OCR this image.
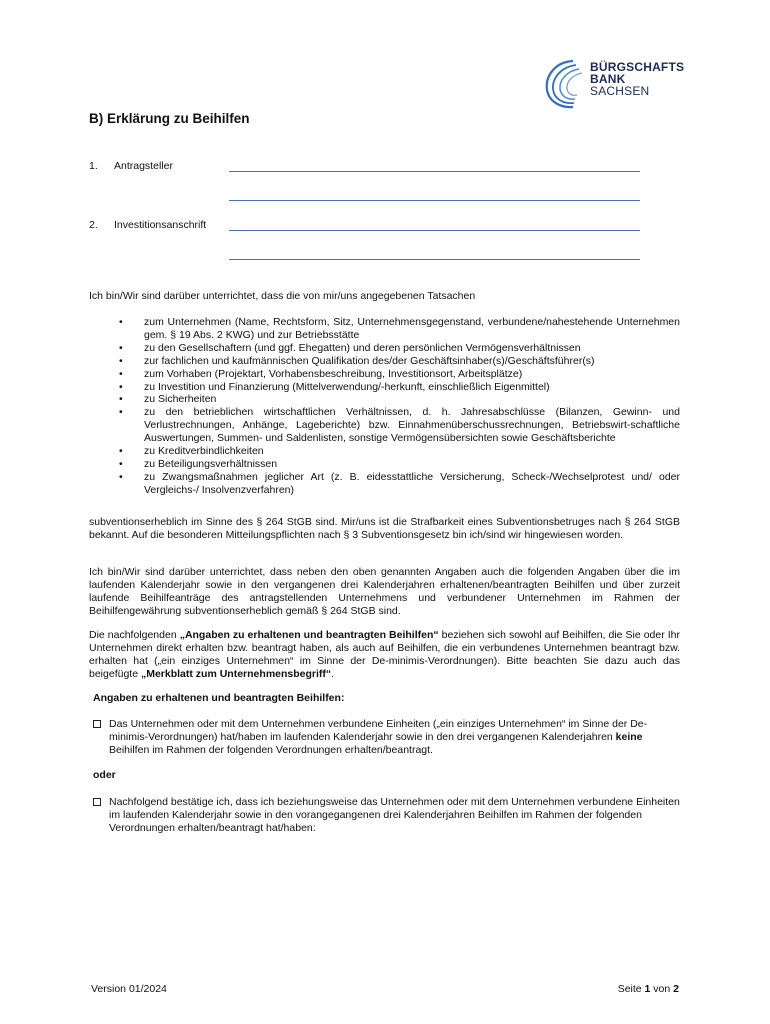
BÜRGSCHAFTS
BANK
SACHSEN
B) Erklärung zu Beihilfen
1. Antragsteller
2. Investitionsanschrift
Ich bin/Wir sind darüber unterrichtet, dass die von mir/uns angegebenen Tatsachen
• zum Unternehmen (Name, Rechtsform, Sitz, Unternehmensgegenstand, verbundene/nahestehende Unternehmen gem. § 19 Abs. 2 KWG) und zur Betriebsstätte
• zu den Gesellschaftern (und ggf. Ehegatten) und deren persönlichen Vermögensverhältnissen
• zur fachlichen und kaufmännischen Qualifikation des/der Geschäftsinhaber(s)/Geschäftsführer(s)
• zum Vorhaben (Projektart, Vorhabensbeschreibung, Investitionsort, Arbeitsplätze)
• zu Investition und Finanzierung (Mittelverwendung/-herkunft, einschließlich Eigenmittel)
• zu Sicherheiten
• zu den betrieblichen wirtschaftlichen Verhältnissen, d. h. Jahresabschlüsse (Bilanzen, Gewinn- und Verlustrechnungen, Anhänge, Lageberichte) bzw. Einnahmenüberschussrechnungen, Betriebswirt-schaftliche Auswertungen, Summen- und Saldenlisten, sonstige Vermögensübersichten sowie Geschäftsberichte
• zu Kreditverbindlichkeiten
• zu Beteiligungsverhältnissen
• zu Zwangsmaßnahmen jeglicher Art (z. B. eidesstattliche Versicherung, Scheck-/Wechselprotest und/ oder Vergleichs-/ Insolvenzverfahren)
subventionserheblich im Sinne des § 264 StGB sind. Mir/uns ist die Strafbarkeit eines Subventionsbetruges nach § 264 StGB bekannt. Auf die besonderen Mitteilungspflichten nach § 3 Subventionsgesetz bin ich/sind wir hingewiesen worden.
Ich bin/Wir sind darüber unterrichtet, dass neben den oben genannten Angaben auch die folgenden Angaben über die im laufenden Kalenderjahr sowie in den vergangenen drei Kalenderjahren erhaltenen/beantragten Beihilfen und über zurzeit laufende Beihilfeanträge des antragstellenden Unternehmens und verbundener Unternehmen im Rahmen der Beihilfengewährung subventionserheblich gemäß § 264 StGB sind.
Die nachfolgenden „Angaben zu erhaltenen und beantragten Beihilfen“ beziehen sich sowohl auf Beihilfen, die Sie oder Ihr Unternehmen direkt erhalten bzw. beantragt haben, als auch auf Beihilfen, die ein verbundenes Unternehmen beantragt bzw. erhalten hat („ein einziges Unternehmen“ im Sinne der De-minimis-Verordnungen). Bitte beachten Sie dazu auch das beigefügte „Merkblatt zum Unternehmensbegriff“.
Angaben zu erhaltenen und beantragten Beihilfen:
Das Unternehmen oder mit dem Unternehmen verbundene Einheiten („ein einziges Unternehmen“ im Sinne der De-minimis-Verordnungen) hat/haben im laufenden Kalenderjahr sowie in den drei vergangenen Kalenderjahren keine Beihilfen im Rahmen der folgenden Verordnungen erhalten/beantragt.
oder
Nachfolgend bestätige ich, dass ich beziehungsweise das Unternehmen oder mit dem Unternehmen verbundene Einheiten im laufenden Kalenderjahr sowie in den vorangegangenen drei Kalenderjahren Beihilfen im Rahmen der folgenden Verordnungen erhalten/beantragt hat/haben:
Version 01/2024	Seite 1 von 2
